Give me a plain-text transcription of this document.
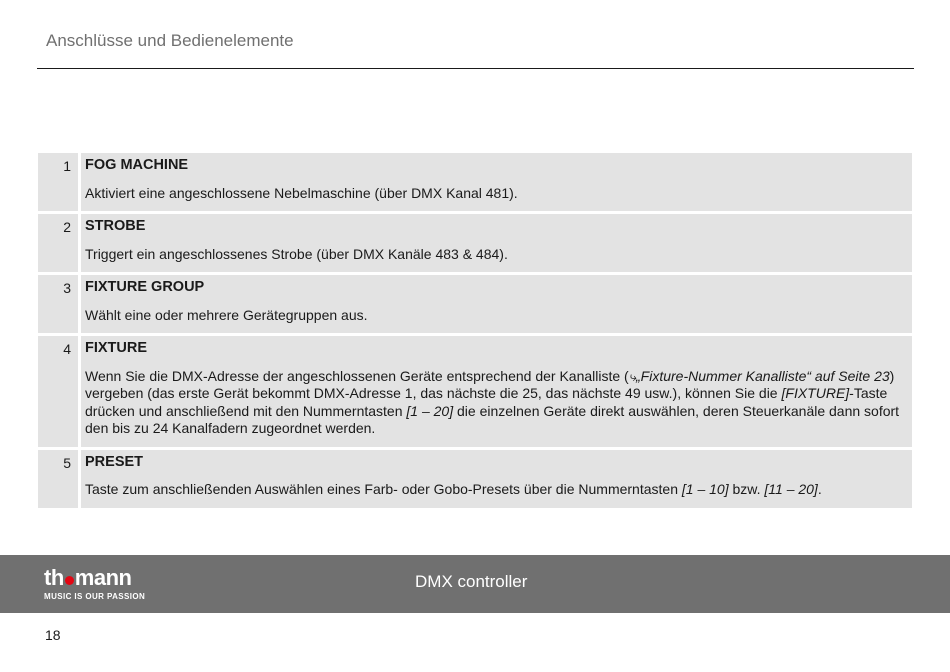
Anschlüsse und Bedienelemente
1 FOG MACHINE
Aktiviert eine angeschlossene Nebelmaschine (über DMX Kanal 481).
2 STROBE
Triggert ein angeschlossenes Strobe (über DMX Kanäle 483 & 484).
3 FIXTURE GROUP
Wählt eine oder mehrere Gerätegruppen aus.
4 FIXTURE
Wenn Sie die DMX-Adresse der angeschlossenen Geräte entsprechend der Kanalliste (⤷„Fixture-Nummer Kanalliste“ auf Seite 23) vergeben (das erste Gerät bekommt DMX-Adresse 1, das nächste die 25, das nächste 49 usw.), können Sie die [FIXTURE]-Taste drücken und anschließend mit den Nummerntasten [1 – 20] die einzelnen Geräte direkt auswählen, deren Steuerkanäle dann sofort den bis zu 24 Kanalfadern zugeordnet werden.
5 PRESET
Taste zum anschließenden Auswählen eines Farb- oder Gobo-Presets über die Nummerntasten [1 – 10] bzw. [11 – 20].
th mann
MUSIC IS OUR PASSION
DMX controller
18
